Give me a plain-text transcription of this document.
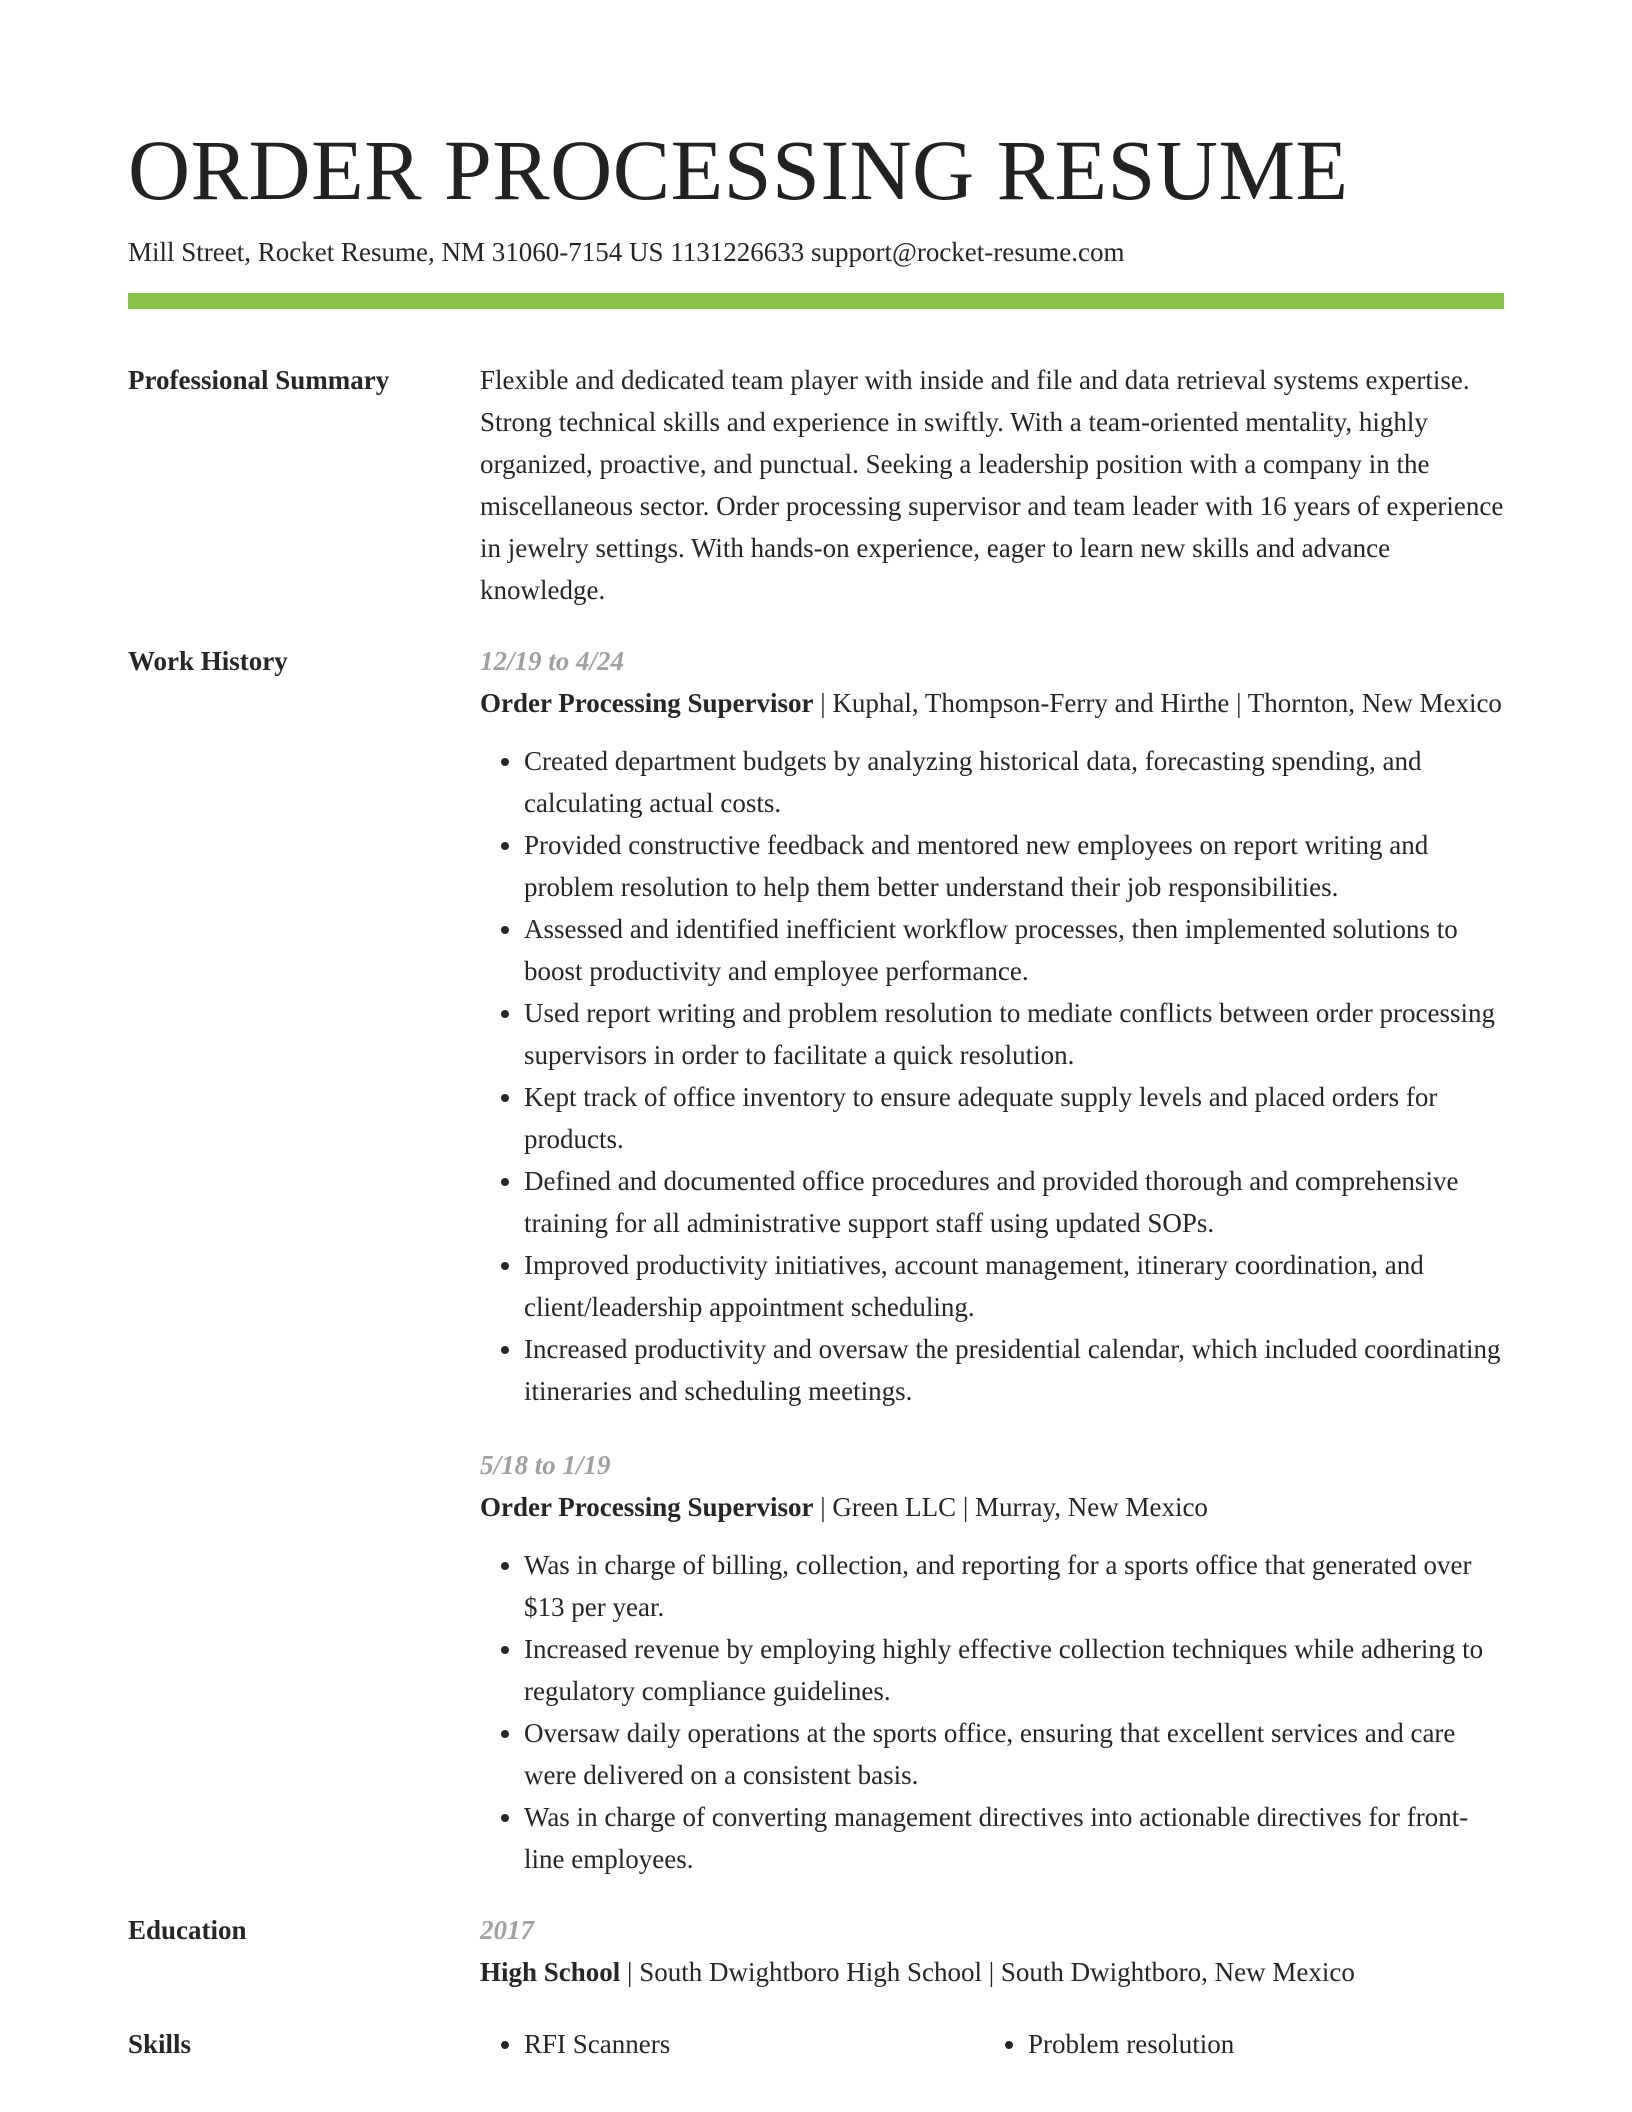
ORDER PROCESSING RESUME
Mill Street, Rocket Resume, NM 31060-7154 US 1131226633 support@rocket-resume.com
Professional Summary	Flexible and dedicated team player with inside and file and data retrieval systems expertise. Strong technical skills and experience in swiftly. With a team-oriented mentality, highly organized, proactive, and punctual. Seeking a leadership position with a company in the miscellaneous sector. Order processing supervisor and team leader with 16 years of experience in jewelry settings. With hands-on experience, eager to learn new skills and advance knowledge.
Work History	12/19 to 4/24
Order Processing Supervisor | Kuphal, Thompson-Ferry and Hirthe | Thornton, New Mexico
• Created department budgets by analyzing historical data, forecasting spending, and calculating actual costs.
• Provided constructive feedback and mentored new employees on report writing and problem resolution to help them better understand their job responsibilities.
• Assessed and identified inefficient workflow processes, then implemented solutions to boost productivity and employee performance.
• Used report writing and problem resolution to mediate conflicts between order processing supervisors in order to facilitate a quick resolution.
• Kept track of office inventory to ensure adequate supply levels and placed orders for products.
• Defined and documented office procedures and provided thorough and comprehensive training for all administrative support staff using updated SOPs.
• Improved productivity initiatives, account management, itinerary coordination, and client/leadership appointment scheduling.
• Increased productivity and oversaw the presidential calendar, which included coordinating itineraries and scheduling meetings.
5/18 to 1/19
Order Processing Supervisor | Green LLC | Murray, New Mexico
• Was in charge of billing, collection, and reporting for a sports office that generated over $13 per year.
• Increased revenue by employing highly effective collection techniques while adhering to regulatory compliance guidelines.
• Oversaw daily operations at the sports office, ensuring that excellent services and care were delivered on a consistent basis.
• Was in charge of converting management directives into actionable directives for front-line employees.
Education	2017
High School | South Dwightboro High School | South Dwightboro, New Mexico
Skills	• RFI Scanners	• Problem resolution
